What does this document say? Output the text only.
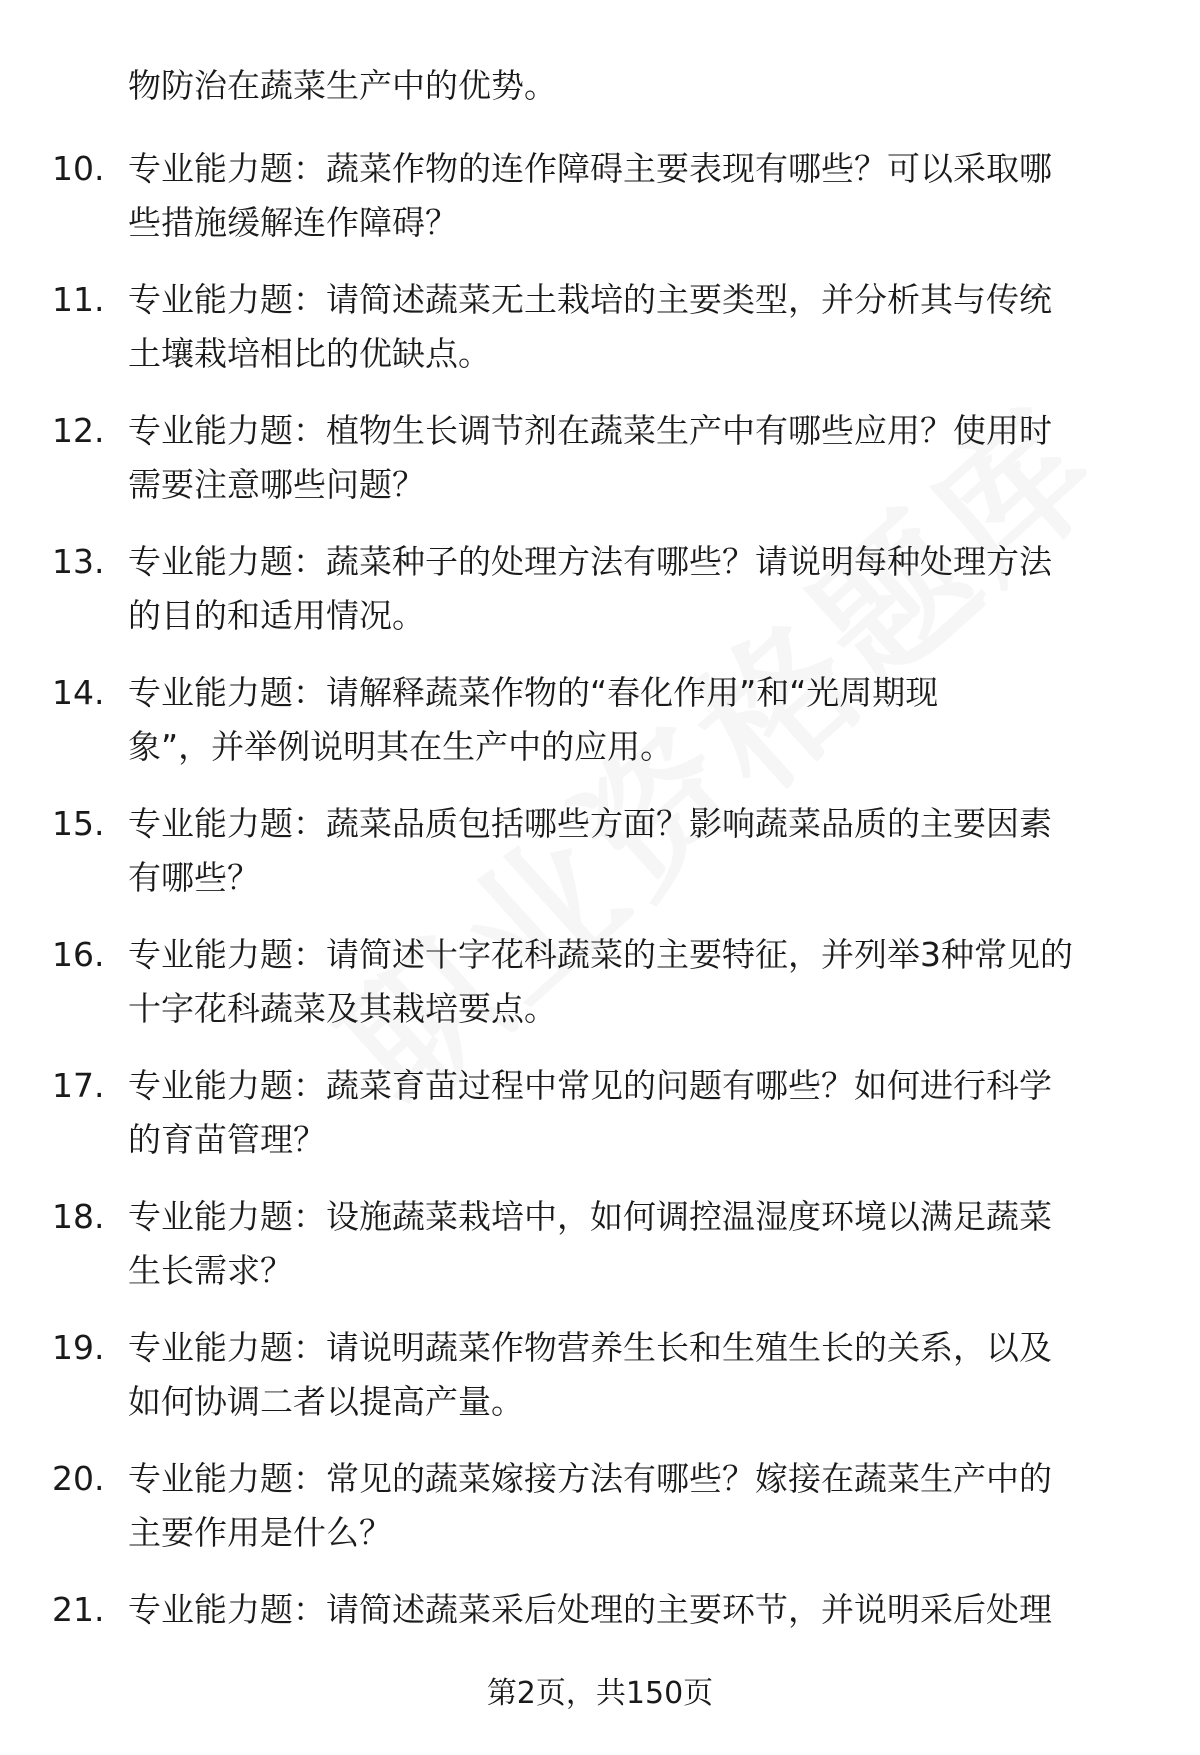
物防治在蔬菜生产中的优势。
10. 专业能力题：蔬菜作物的连作障碍主要表现有哪些？可以采取哪
些措施缓解连作障碍？
11. 专业能力题：请简述蔬菜无土栽培的主要类型，并分析其与传统
土壤栽培相比的优缺点。
12. 专业能力题：植物生长调节剂在蔬菜生产中有哪些应用？使用时
需要注意哪些问题？
13. 专业能力题：蔬菜种子的处理方法有哪些？请说明每种处理方法
的目的和适用情况。
14. 专业能力题：请解释蔬菜作物的“春化作用”和“光周期现
象”，并举例说明其在生产中的应用。
15. 专业能力题：蔬菜品质包括哪些方面？影响蔬菜品质的主要因素
有哪些？
16. 专业能力题：请简述十字花科蔬菜的主要特征，并列举3种常见的
十字花科蔬菜及其栽培要点。
17. 专业能力题：蔬菜育苗过程中常见的问题有哪些？如何进行科学
的育苗管理？
18. 专业能力题：设施蔬菜栽培中，如何调控温湿度环境以满足蔬菜
生长需求？
19. 专业能力题：请说明蔬菜作物营养生长和生殖生长的关系，以及
如何协调二者以提高产量。
20. 专业能力题：常见的蔬菜嫁接方法有哪些？嫁接在蔬菜生产中的
主要作用是什么？
21. 专业能力题：请简述蔬菜采后处理的主要环节，并说明采后处理
第2页，共150页
